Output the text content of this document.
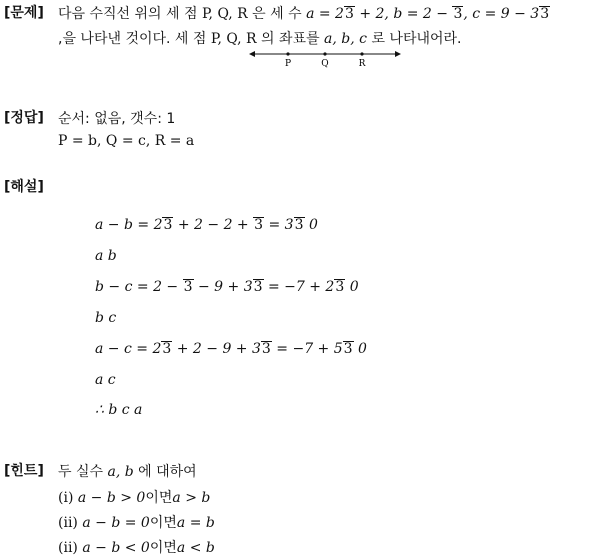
[문제] 다음 수직선 위의 세 점 P, Q, R 은 세 수 a = 23 + 2, b = 2 − 3, c = 9 − 33
,을 나타낸 것이다. 세 점 P, Q, R 의 좌표를 a, b, c 로 나타내어라.
P	Q	R
[정답] 순서: 없음, 갯수: 1
P = b, Q = c, R = a
[해설]
a − b = 23 + 2 − 2 + 3 = 33 0
a b
b − c = 2 − 3 − 9 + 33 = −7 + 23 0
b c
a − c = 23 + 2 − 9 + 33 = −7 + 53 0
a c
∴ b c a
[힌트] 두 실수 a, b 에 대하여
(i) a − b > 0이면a > b
(ii) a − b = 0이면a = b
(ii) a − b < 0이면a < b
